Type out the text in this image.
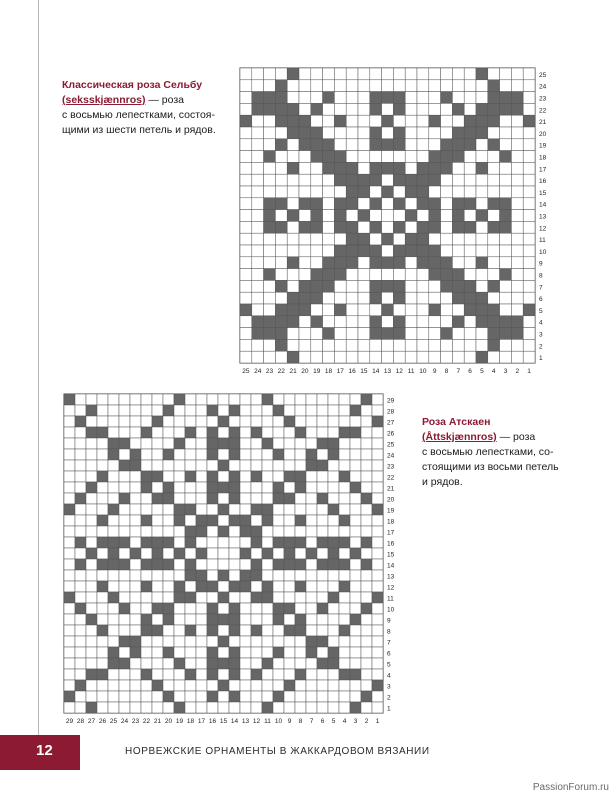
Классическая роза Сельбу
(seksskjænnros) — роза
с восьмью лепестками, состоя-
щими из шести петель и рядов.
1
2
3
4
5
6
7
8
9
10
11
12
13
14
15
16
17
18
19
20
21
22
23
24
25
25 24 23 22 21 20 19 18 17 16 15 14 13 12 11 10 9 8 7 6 5 4 3 2 1
1
2
3
4
5
6
7
8
9
10
11
12
13
14
15
16
17
18
19
20
21
22
23
24
25
26
27
28
29
29 28 27 26 25 24 23 22 21 20 19 18 17 16 15 14 13 12 11 10 9 8 7 6 5 4 3 2 1
Роза Атскаен
(Åttskjænnros) — роза
с восьмью лепестками, со-
стоящими из восьми петель
и рядов.
12	НОРВЕЖСКИЕ ОРНАМЕНТЫ В ЖАККАРДОВОМ ВЯЗАНИИ
PassionForum.ru
